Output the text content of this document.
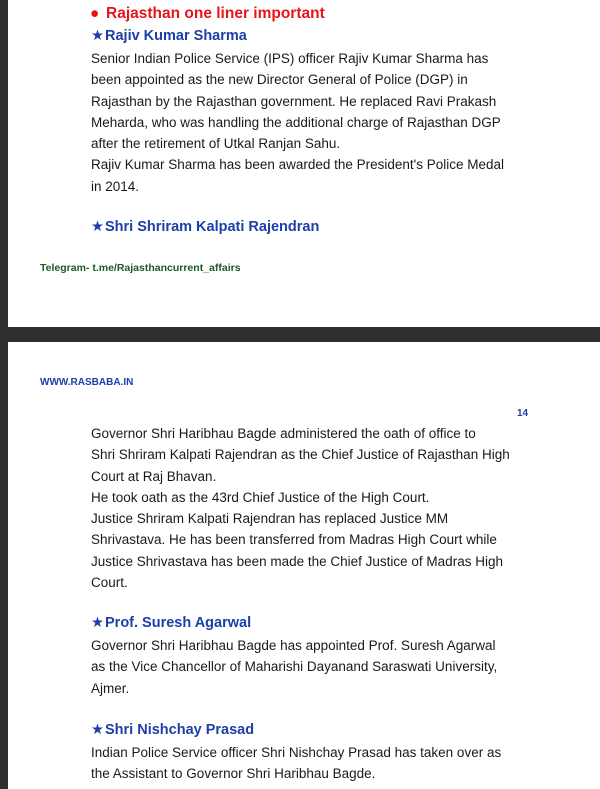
● Rajasthan one liner important
★Rajiv Kumar Sharma
Senior Indian Police Service (IPS) officer Rajiv Kumar Sharma has
been appointed as the new Director General of Police (DGP) in
Rajasthan by the Rajasthan government. He replaced Ravi Prakash
Meharda, who was handling the additional charge of Rajasthan DGP
after the retirement of Utkal Ranjan Sahu.
Rajiv Kumar Sharma has been awarded the President's Police Medal
in 2014.
★Shri Shriram Kalpati Rajendran
Telegram- t.me/Rajasthancurrent_affairs
WWW.RASBABA.IN
14
Governor Shri Haribhau Bagde administered the oath of office to
Shri Shriram Kalpati Rajendran as the Chief Justice of Rajasthan High
Court at Raj Bhavan.
He took oath as the 43rd Chief Justice of the High Court.
Justice Shriram Kalpati Rajendran has replaced Justice MM
Shrivastava. He has been transferred from Madras High Court while
Justice Shrivastava has been made the Chief Justice of Madras High
Court.
★Prof. Suresh Agarwal
Governor Shri Haribhau Bagde has appointed Prof. Suresh Agarwal
as the Vice Chancellor of Maharishi Dayanand Saraswati University,
Ajmer.
★Shri Nishchay Prasad
Indian Police Service officer Shri Nishchay Prasad has taken over as
the Assistant to Governor Shri Haribhau Bagde.
